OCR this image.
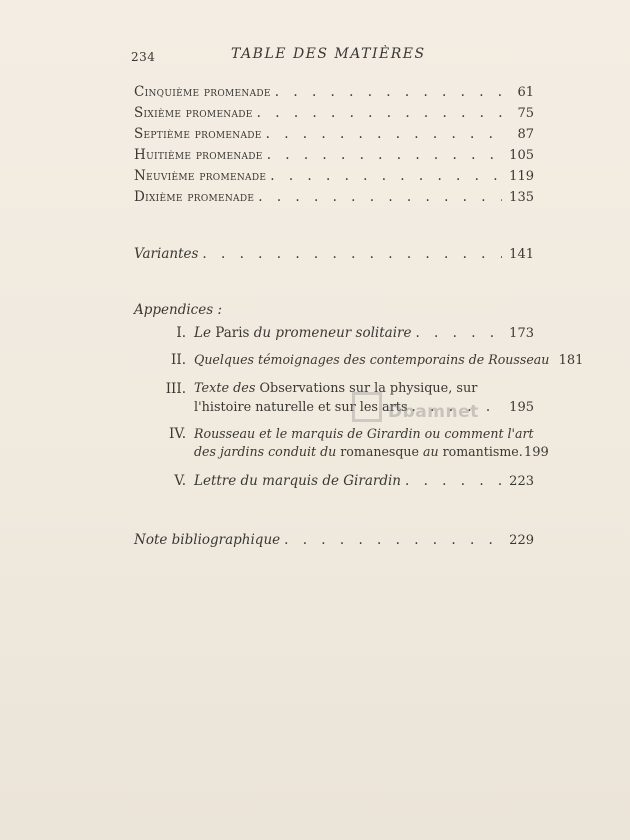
234	TABLE DES MATIÈRES
Cinquième promenade . . .	61
Sixième promenade . . .	75
Septième promenade . . .	87
Huitième promenade . . .	105
Neuvième promenade . . .	119
Dixième promenade . . .	135
Variantes . . .	141
Appendices :
I. Le Paris du promeneur solitaire . . .	173
II. Quelques témoignages des contemporains de Rousseau 181
III. Texte des Observations sur la physique, sur
l'histoire naturelle et sur les arts . . .	195
IV. Rousseau et le marquis de Girardin ou comment l'art
des jardins conduit du romanesque au romantisme. 199
V. Lettre du marquis de Girardin . . .	223
Note bibliographique . . .	229
Dbamnet
